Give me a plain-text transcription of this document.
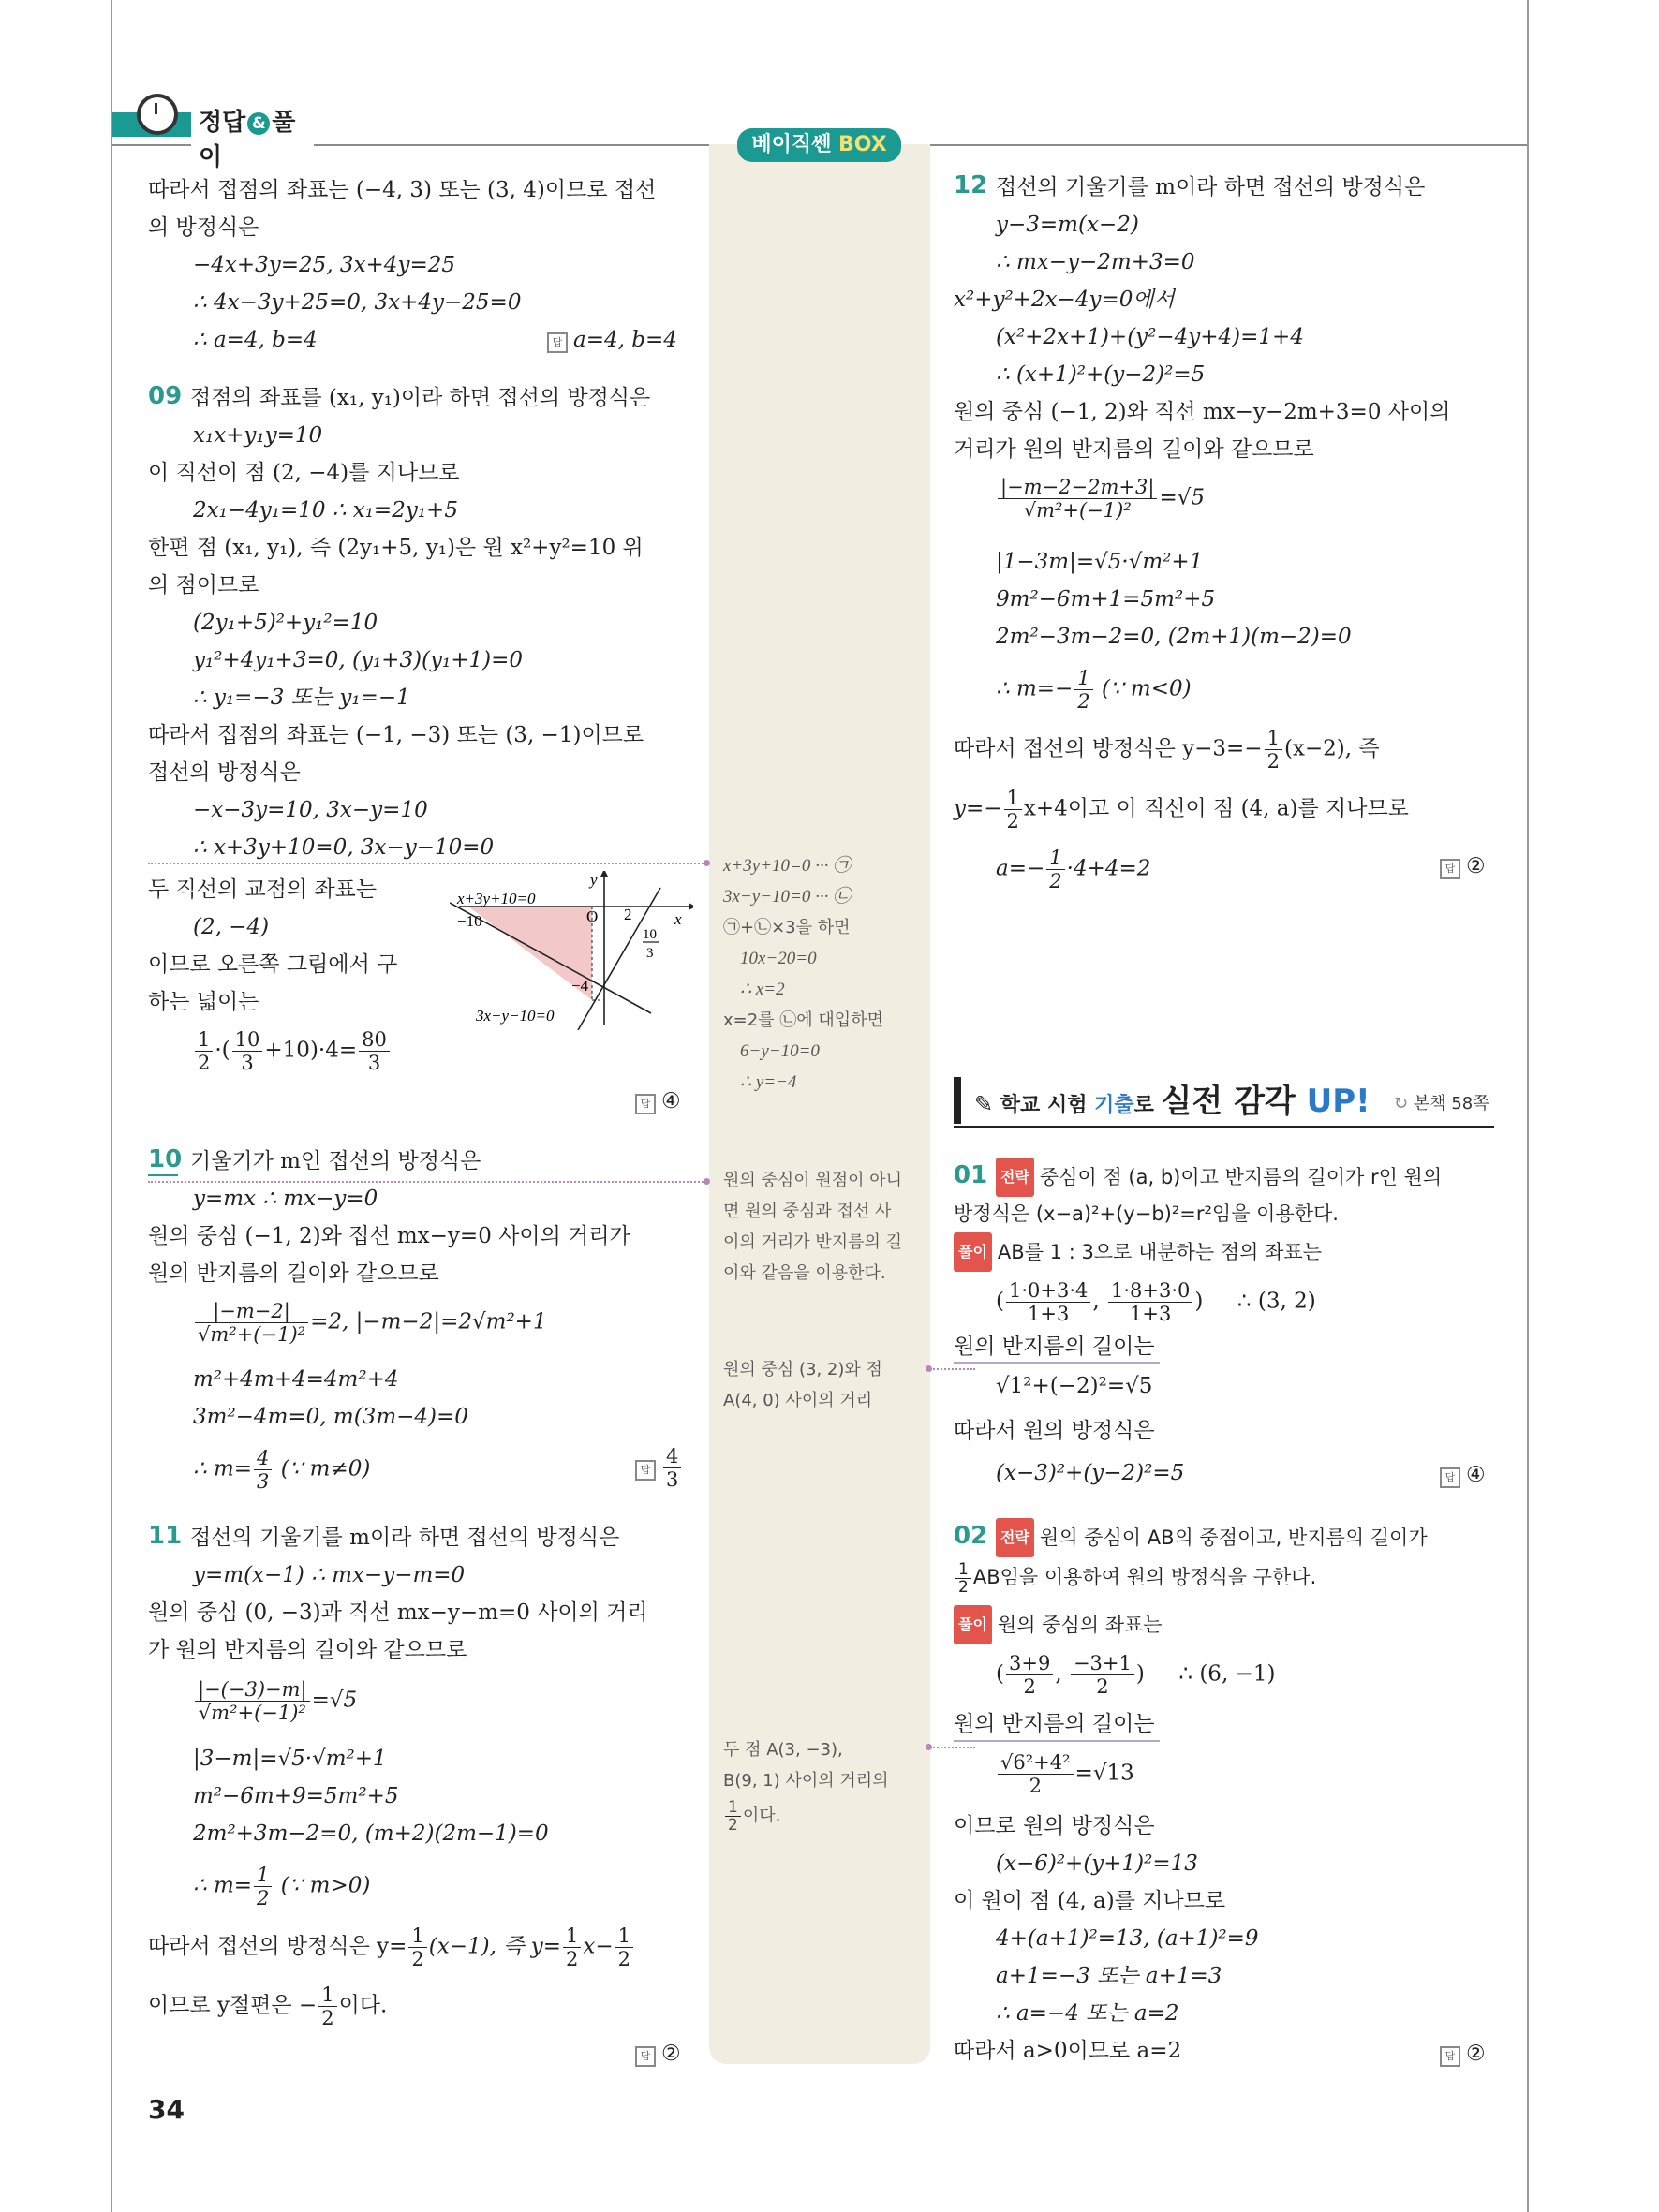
정답 & 풀이	베이직쎈 BOX
따라서 접점의 좌표는 (−4, 3) 또는 (3, 4)이므로 접선
의 방정식은
−4x+3y=25, 3x+4y=25
∴ 4x−3y+25=0, 3x+4y−25=0
∴ a=4, b=4	답 a=4, b=4
09 접점의 좌표를 (x₁, y₁)이라 하면 접선의 방정식은
x₁x+y₁y=10
이 직선이 점 (2, −4)를 지나므로
2x₁−4y₁=10 ∴ x₁=2y₁+5
한편 점 (x₁, y₁), 즉 (2y₁+5, y₁)은 원 x²+y²=10 위
의 점이므로
(2y₁+5)²+y₁²=10
y₁²+4y₁+3=0, (y₁+3)(y₁+1)=0
∴ y₁=−3 또는 y₁=−1
따라서 접점의 좌표는 (−1, −3) 또는 (3, −1)이므로
접선의 방정식은
−x−3y=10, 3x−y=10
∴ x+3y+10=0, 3x−y−10=0
두 직선의 교점의 좌표는
(2, −4)
이므로 오른쪽 그림에서 구
하는 넓이는
$\frac{1}{2}$ ·( $\frac{10}{3} +10)\cdot 4= \frac{80}{3}$
답 ④
x+3y+10=0
3x−y−10=0
y
x
O 2
−10
10
3
−4
10 기울기가 m인 접선의 방정식은
y=mx ∴ mx−y=0
원의 중심 (−1, 2)와 접선 mx−y=0 사이의 거리가
원의 반지름의 길이와 같으므로
$\frac{|-m-2|}{\text{√m²+(−1)²}} =2$, |−m−2|=2√m²+1
m²+4m+4=4m²+4
3m²−4m=0, m(3m−4)=0
∴ $m= \frac{4}{3}$ (∵ m≠0)	답 $\frac{4}{3}$
11 접선의 기울기를 m이라 하면 접선의 방정식은
y=m(x−1) ∴ mx−y−m=0
원의 중심 (0, −3)과 직선 mx−y−m=0 사이의 거리
가 원의 반지름의 길이와 같으므로
$\frac{|-(-3)-m|}{\text{√m²+(−1)²}} =√5$
|3−m|=√5·√m²+1
m²−6m+9=5m²+5
2m²+3m−2=0, (m+2)(2m−1)=0
∴ $m= \frac{1}{2}$ (∵ m>0)
따라서 접선의 방정식은 $y= \frac{1}{2} (x-1)$, 즉 $y= \frac{1}{2} x- \frac{1}{2}$
이므로 y절편은 − $\frac{1}{2}$ 이다.
답 ②
x+3y+10=0 ··· ㉠
3x−y−10=0 ··· ㉡
㉠+㉡×3을 하면
10x−20=0
∴ x=2
x=2를 ㉡에 대입하면
6−y−10=0
∴ y=−4
원의 중심이 원점이 아니
면 원의 중심과 접선 사
이의 거리가 반지름의 길
이와 같음을 이용한다.
원의 중심 (3, 2)와 점
A(4, 0) 사이의 거리
두 점 A(3, −3),
B(9, 1) 사이의 거리의
$\frac{1}{2}$ 이다.
12 접선의 기울기를 m이라 하면 접선의 방정식은
y−3=m(x−2)
∴ mx−y−2m+3=0
x²+y²+2x−4y=0에서
(x²+2x+1)+(y²−4y+4)=1+4
∴ (x+1)²+(y−2)²=5
원의 중심 (−1, 2)와 직선 mx−y−2m+3=0 사이의
거리가 원의 반지름의 길이와 같으므로
$\frac{|-m-2-2m+3|}{\text{√m²+(−1)²}} =√5$
|1−3m|=√5·√m²+1
9m²−6m+1=5m²+5
2m²−3m−2=0, (2m+1)(m−2)=0
∴ $m=- \frac{1}{2}$ (∵ m<0)
따라서 접선의 방정식은 $y-3=- \frac{1}{2} (x-2)$, 즉
$y=- \frac{1}{2} x+4$이고 이 직선이 점 (4, a)를 지나므로
$a=- \frac{1}{2} \cdot 4+4=2$	답 ②
✎ 학교 시험 기출로 실전 감각 UP! ↻ 본책 58쪽
01 전략 중심이 점 (a, b)이고 반지름의 길이가 r인 원의
방정식은 (x−a)²+(y−b)²=r²임을 이용한다.
풀이 AB를 1 : 3으로 내분하는 점의 좌표는
( $\frac{1\cdot 0+3\cdot 4}{1+3}$ , $\frac{1\cdot 8+3\cdot 0}{1+3}$ )     ∴ (3, 2)
원의 반지름의 길이는
√1²+(−2)²=√5
따라서 원의 방정식은
(x−3)²+(y−2)²=5	답 ④
02 전략 원의 중심이 AB의 중점이고, 반지름의 길이가
$\frac{1}{2}$ AB임을 이용하여 원의 방정식을 구한다.
풀이 원의 중심의 좌표는
( $\frac{3+9}{2}$ , $\frac{-3+1}{2}$ )     ∴ (6, −1)
원의 반지름의 길이는
$\frac{\text{√6²+4²}}{2} =√13$
이므로 원의 방정식은
(x−6)²+(y+1)²=13
이 원이 점 (4, a)를 지나므로
4+(a+1)²=13, (a+1)²=9
a+1=−3 또는 a+1=3
∴ a=−4 또는 a=2
따라서 a>0이므로 a=2	답 ②
34
